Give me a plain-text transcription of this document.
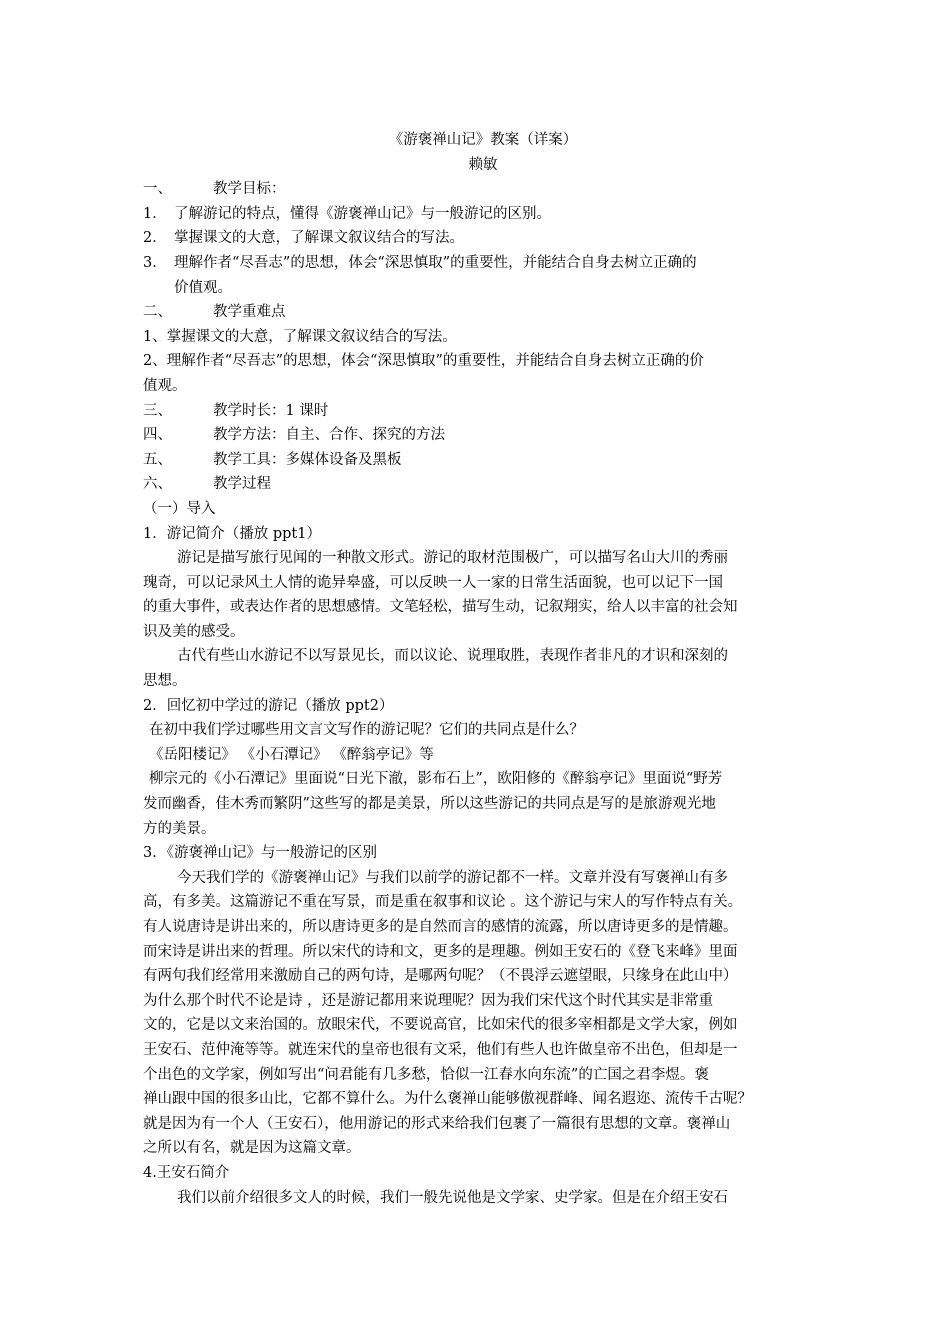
《游褒禅山记》教案（详案）
赖敏
一、	教学目标：
1． 了解游记的特点，懂得《游褒禅山记》与一般游记的区别。
2． 掌握课文的大意，了解课文叙议结合的写法。
3． 理解作者“尽吾志”的思想，体会“深思慎取”的重要性，并能结合自身去树立正确的
价值观。
二、	教学重难点
1、掌握课文的大意，了解课文叙议结合的写法。
2、理解作者“尽吾志”的思想，体会“深思慎取”的重要性，并能结合自身去树立正确的价
值观。
三、	教学时长：1 课时
四、	教学方法：自主、合作、探究的方法
五、	教学工具：多媒体设备及黑板
六、	教学过程
（一）导入
1．游记简介（播放 ppt1）
游记是描写旅行见闻的一种散文形式。游记的取材范围极广，可以描写名山大川的秀丽
瑰奇，可以记录风土人情的诡异皋盛，可以反映一人一家的日常生活面貌，也可以记下一国
的重大事件，或表达作者的思想感情。文笔轻松，描写生动，记叙翔实，给人以丰富的社会知
识及美的感受。
古代有些山水游记不以写景见长，而以议论、说理取胜，表现作者非凡的才识和深刻的
思想。
2．回忆初中学过的游记（播放 ppt2）
在初中我们学过哪些用文言文写作的游记呢？它们的共同点是什么？
《岳阳楼记》 《小石潭记》 《醉翁亭记》等
柳宗元的《小石潭记》里面说“日光下澈，影布石上”，欧阳修的《醉翁亭记》里面说“野芳
发而幽香，佳木秀而繁阴”这些写的都是美景，所以这些游记的共同点是写的是旅游观光地
方的美景。
3．《游褒禅山记》与一般游记的区别
今天我们学的《游褒禅山记》与我们以前学的游记都不一样。文章并没有写褒禅山有多
高，有多美。这篇游记不重在写景，而是重在叙事和议论 。这个游记与宋人的写作特点有关。
有人说唐诗是讲出来的，所以唐诗更多的是自然而言的感情的流露，所以唐诗更多的是情趣。
而宋诗是讲出来的哲理。所以宋代的诗和文，更多的是理趣。例如王安石的《登飞来峰》里面
有两句我们经常用来激励自己的两句诗，是哪两句呢？（不畏浮云遮望眼，只缘身在此山中）
为什么那个时代不论是诗 ，还是游记都用来说理呢？因为我们宋代这个时代其实是非常重
文的，它是以文来治国的。放眼宋代，不要说高官，比如宋代的很多宰相都是文学大家，例如
王安石、范仲淹等等。就连宋代的皇帝也很有文采，他们有些人也许做皇帝不出色，但却是一
个出色的文学家，例如写出“问君能有几多愁，恰似一江春水向东流”的亡国之君李煜。褒
禅山跟中国的很多山比，它都不算什么。为什么褒禅山能够傲视群峰、闻名遐迩、流传千古呢？
就是因为有一个人（王安石），他用游记的形式来给我们包裹了一篇很有思想的文章。褒禅山
之所以有名，就是因为这篇文章。
4.王安石简介
我们以前介绍很多文人的时候，我们一般先说他是文学家、史学家。但是在介绍王安石
